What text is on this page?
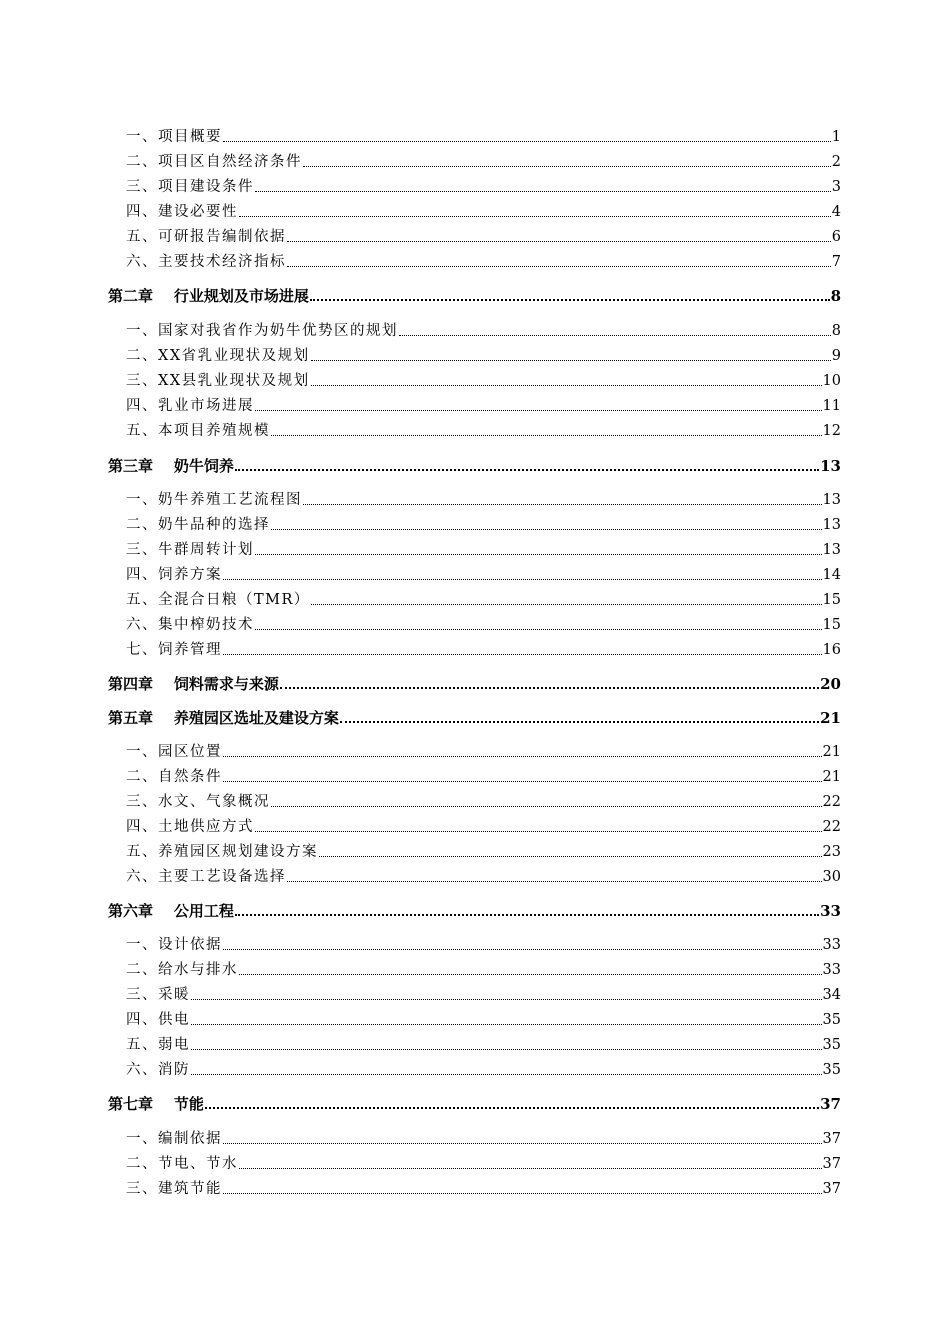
一、项目概要	1
二、项目区自然经济条件	2
三、项目建设条件	3
四、建设必要性	4
五、可研报告编制依据	6
六、主要技术经济指标	7
第二章    行业规划及市场进展	8
一、国家对我省作为奶牛优势区的规划	8
二、XX省乳业现状及规划	9
三、XX县乳业现状及规划	10
四、乳业市场进展	11
五、本项目养殖规模	12
第三章    奶牛饲养	13
一、奶牛养殖工艺流程图	13
二、奶牛品种的选择	13
三、牛群周转计划	13
四、饲养方案	14
五、全混合日粮（TMR）	15
六、集中榨奶技术	15
七、饲养管理	16
第四章    饲料需求与来源	20
第五章    养殖园区选址及建设方案	21
一、园区位置	21
二、自然条件	21
三、水文、气象概况	22
四、土地供应方式	22
五、养殖园区规划建设方案	23
六、主要工艺设备选择	30
第六章    公用工程	33
一、设计依据	33
二、给水与排水	33
三、采暖	34
四、供电	35
五、弱电	35
六、消防	35
第七章    节能	37
一、编制依据	37
二、节电、节水	37
三、建筑节能	37
